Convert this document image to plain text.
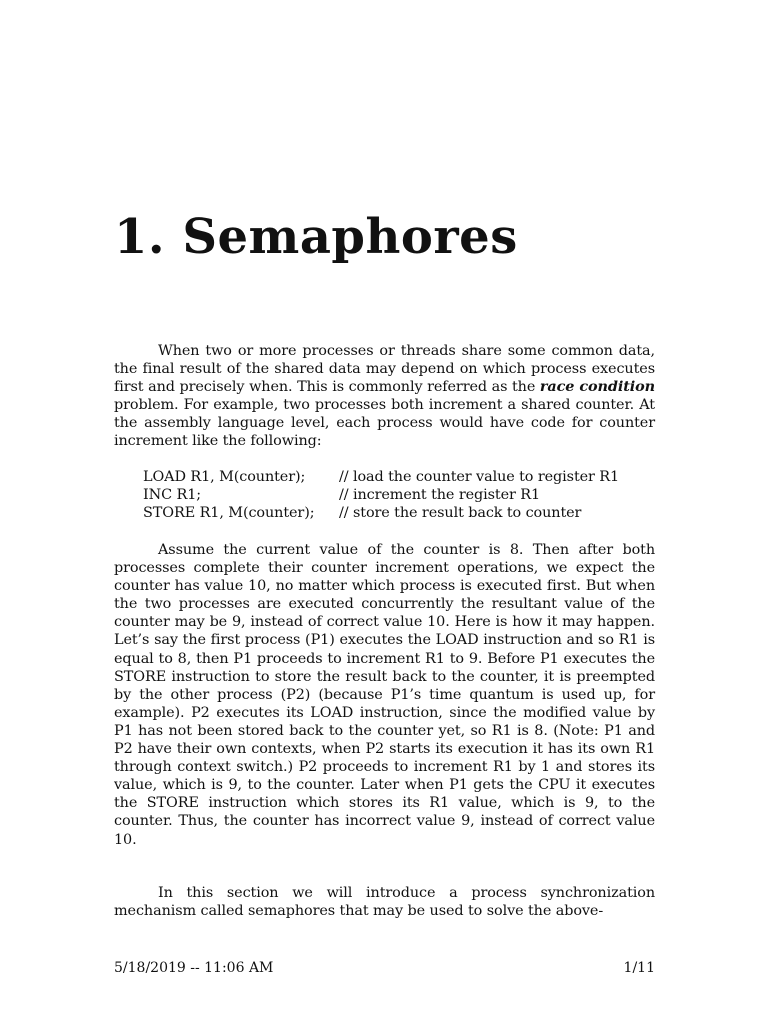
1. Semaphores

When two or more processes or threads share some common data, the final result of the shared data may depend on which process executes first and precisely when. This is commonly referred as the race condition problem. For example, two processes both increment a shared counter. At the assembly language level, each process would have code for counter increment like the following:

LOAD R1, M(counter);	// load the counter value to register R1
INC R1;	// increment the register R1
STORE R1, M(counter);	// store the result back to counter

Assume the current value of the counter is 8. Then after both processes complete their counter increment operations, we expect the counter has value 10, no matter which process is executed first. But when the two processes are executed concurrently the resultant value of the counter may be 9, instead of correct value 10. Here is how it may happen. Let’s say the first process (P1) executes the LOAD instruction and so R1 is equal to 8, then P1 proceeds to increment R1 to 9. Before P1 executes the STORE instruction to store the result back to the counter, it is preempted by the other process (P2) (because P1’s time quantum is used up, for example). P2 executes its LOAD instruction, since the modified value by P1 has not been stored back to the counter yet, so R1 is 8. (Note: P1 and P2 have their own contexts, when P2 starts its execution it has its own R1 through context switch.) P2 proceeds to increment R1 by 1 and stores its value, which is 9, to the counter. Later when P1 gets the CPU it executes the STORE instruction which stores its R1 value, which is 9, to the counter. Thus, the counter has incorrect value 9, instead of correct value 10.

In this section we will introduce a process synchronization mechanism called semaphores that may be used to solve the above-

5/18/2019 -- 11:06 AM	1/11
